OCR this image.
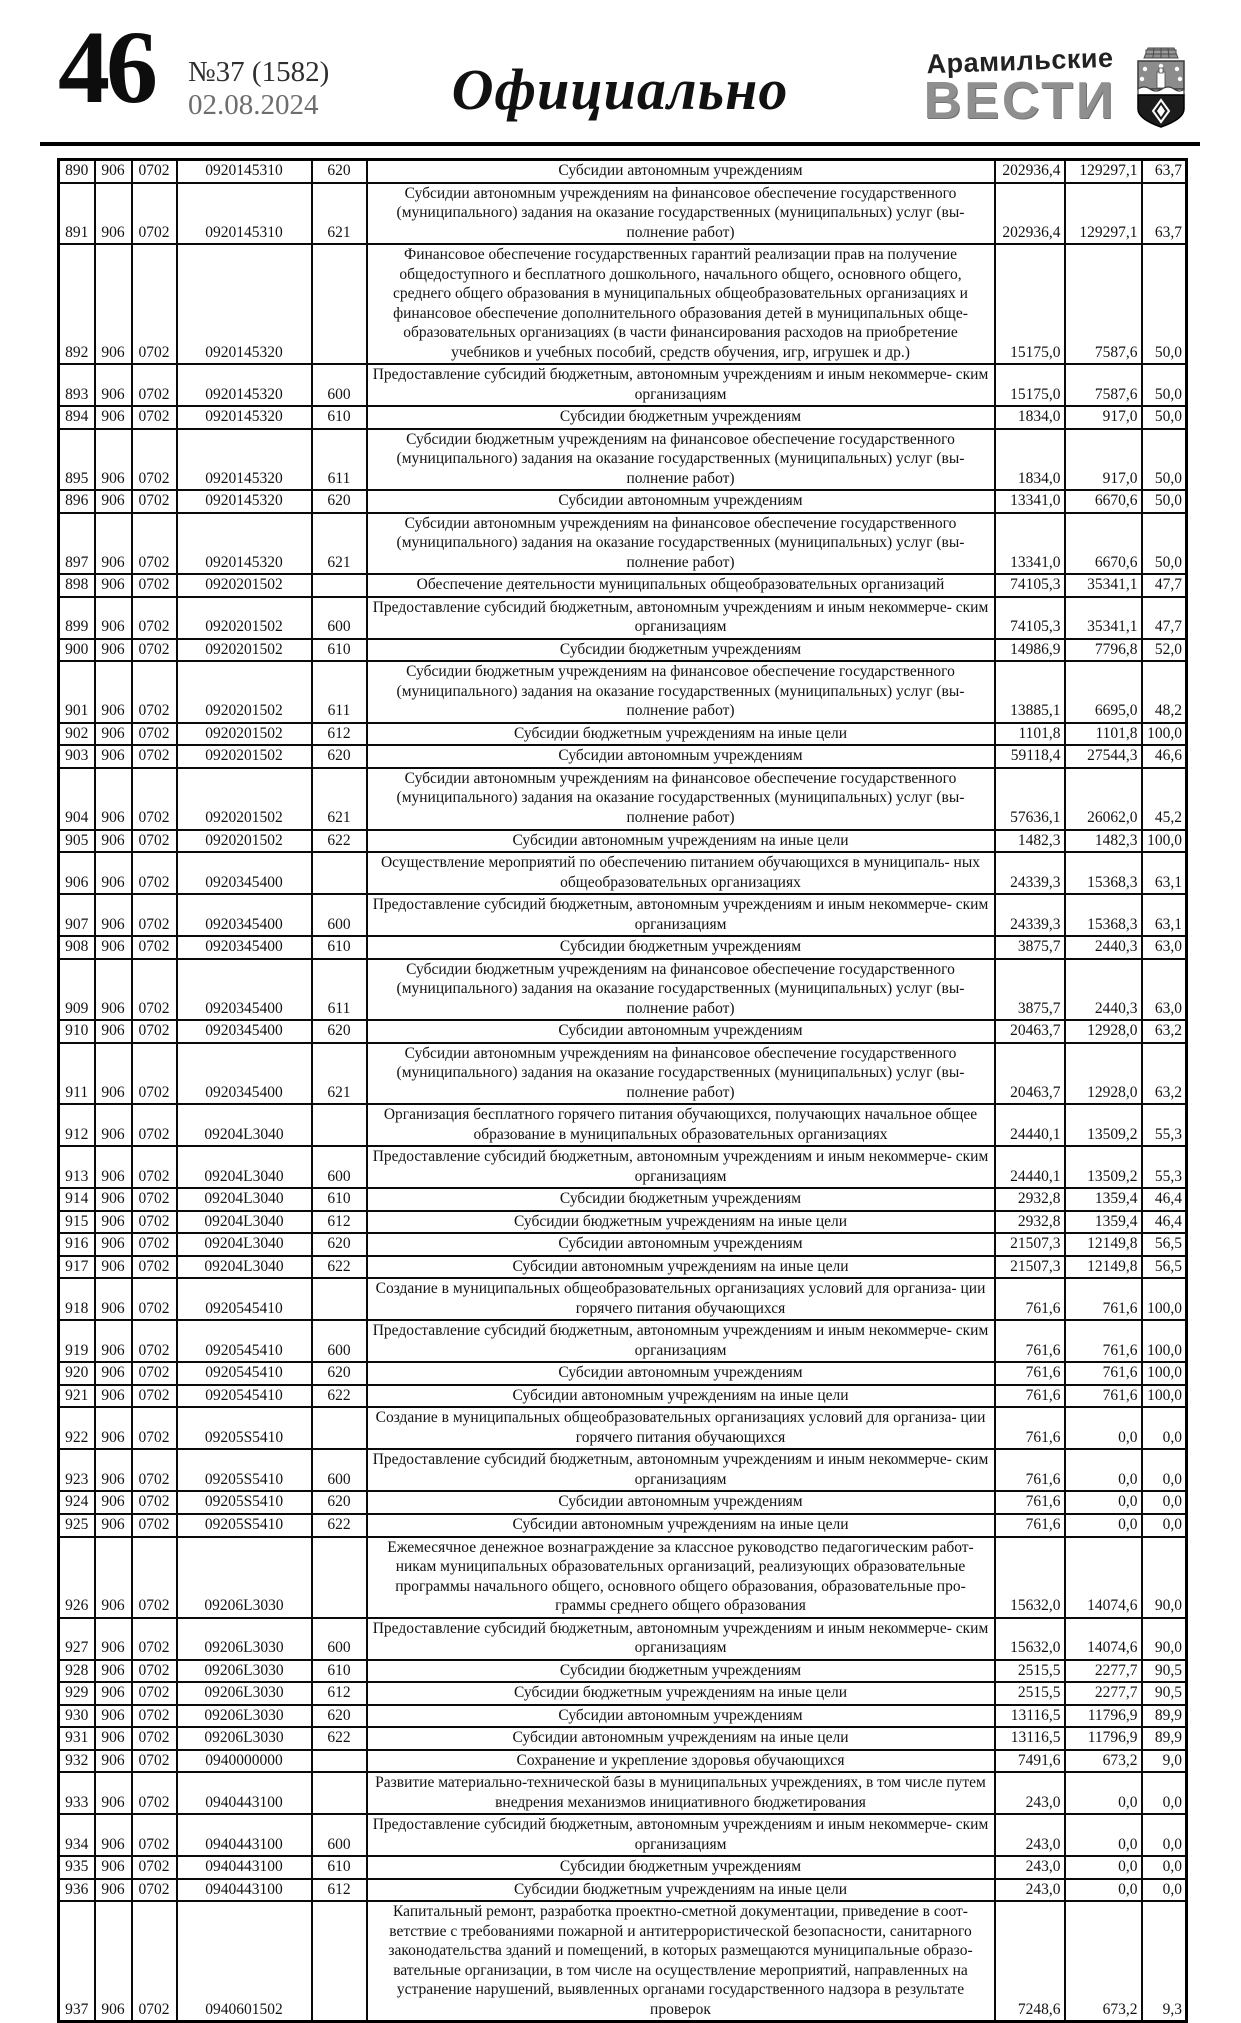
46 №37 (1582)
02.08.2024	Официально	Арамильские
ВЕСТИ
890	906	0702	0920145310	620	Субсидии автономным учреждениям	202936,4	129297,1	63,7
891	906	0702	0920145310	621	Субсидии автономным учреждениям на финансовое обеспечение государственного (муниципального) задания на оказание государственных (муниципальных) услуг (вы- полнение работ)	202936,4	129297,1	63,7
892	906	0702	0920145320		Финансовое обеспечение государственных гарантий реализации прав на получение общедоступного и бесплатного дошкольного, начального общего, основного общего, среднего общего образования в муниципальных общеобразовательных организациях и финансовое обеспечение дополнительного образования детей в муниципальных обще- образовательных организациях (в части финансирования расходов на приобретение учебников и учебных пособий, средств обучения, игр, игрушек и др.)	15175,0	7587,6	50,0
893	906	0702	0920145320	600	Предоставление субсидий бюджетным, автономным учреждениям и иным некоммерче- ским организациям	15175,0	7587,6	50,0
894	906	0702	0920145320	610	Субсидии бюджетным учреждениям	1834,0	917,0	50,0
895	906	0702	0920145320	611	Субсидии бюджетным учреждениям на финансовое обеспечение государственного (муниципального) задания на оказание государственных (муниципальных) услуг (вы- полнение работ)	1834,0	917,0	50,0
896	906	0702	0920145320	620	Субсидии автономным учреждениям	13341,0	6670,6	50,0
897	906	0702	0920145320	621	Субсидии автономным учреждениям на финансовое обеспечение государственного (муниципального) задания на оказание государственных (муниципальных) услуг (вы- полнение работ)	13341,0	6670,6	50,0
898	906	0702	0920201502		Обеспечение деятельности муниципальных общеобразовательных организаций	74105,3	35341,1	47,7
899	906	0702	0920201502	600	Предоставление субсидий бюджетным, автономным учреждениям и иным некоммерче- ским организациям	74105,3	35341,1	47,7
900	906	0702	0920201502	610	Субсидии бюджетным учреждениям	14986,9	7796,8	52,0
901	906	0702	0920201502	611	Субсидии бюджетным учреждениям на финансовое обеспечение государственного (муниципального) задания на оказание государственных (муниципальных) услуг (вы- полнение работ)	13885,1	6695,0	48,2
902	906	0702	0920201502	612	Субсидии бюджетным учреждениям на иные цели	1101,8	1101,8	100,0
903	906	0702	0920201502	620	Субсидии автономным учреждениям	59118,4	27544,3	46,6
904	906	0702	0920201502	621	Субсидии автономным учреждениям на финансовое обеспечение государственного (муниципального) задания на оказание государственных (муниципальных) услуг (вы- полнение работ)	57636,1	26062,0	45,2
905	906	0702	0920201502	622	Субсидии автономным учреждениям на иные цели	1482,3	1482,3	100,0
906	906	0702	0920345400		Осуществление мероприятий по обеспечению питанием обучающихся в муниципаль- ных общеобразовательных организациях	24339,3	15368,3	63,1
907	906	0702	0920345400	600	Предоставление субсидий бюджетным, автономным учреждениям и иным некоммерче- ским организациям	24339,3	15368,3	63,1
908	906	0702	0920345400	610	Субсидии бюджетным учреждениям	3875,7	2440,3	63,0
909	906	0702	0920345400	611	Субсидии бюджетным учреждениям на финансовое обеспечение государственного (муниципального) задания на оказание государственных (муниципальных) услуг (вы- полнение работ)	3875,7	2440,3	63,0
910	906	0702	0920345400	620	Субсидии автономным учреждениям	20463,7	12928,0	63,2
911	906	0702	0920345400	621	Субсидии автономным учреждениям на финансовое обеспечение государственного (муниципального) задания на оказание государственных (муниципальных) услуг (вы- полнение работ)	20463,7	12928,0	63,2
912	906	0702	09204L3040		Организация бесплатного горячего питания обучающихся, получающих начальное общее образование в муниципальных образовательных организациях	24440,1	13509,2	55,3
913	906	0702	09204L3040	600	Предоставление субсидий бюджетным, автономным учреждениям и иным некоммерче- ским организациям	24440,1	13509,2	55,3
914	906	0702	09204L3040	610	Субсидии бюджетным учреждениям	2932,8	1359,4	46,4
915	906	0702	09204L3040	612	Субсидии бюджетным учреждениям на иные цели	2932,8	1359,4	46,4
916	906	0702	09204L3040	620	Субсидии автономным учреждениям	21507,3	12149,8	56,5
917	906	0702	09204L3040	622	Субсидии автономным учреждениям на иные цели	21507,3	12149,8	56,5
918	906	0702	0920545410		Создание в муниципальных общеобразовательных организациях условий для организа- ции горячего питания обучающихся	761,6	761,6	100,0
919	906	0702	0920545410	600	Предоставление субсидий бюджетным, автономным учреждениям и иным некоммерче- ским организациям	761,6	761,6	100,0
920	906	0702	0920545410	620	Субсидии автономным учреждениям	761,6	761,6	100,0
921	906	0702	0920545410	622	Субсидии автономным учреждениям на иные цели	761,6	761,6	100,0
922	906	0702	09205S5410		Создание в муниципальных общеобразовательных организациях условий для организа- ции горячего питания обучающихся	761,6	0,0	0,0
923	906	0702	09205S5410	600	Предоставление субсидий бюджетным, автономным учреждениям и иным некоммерче- ским организациям	761,6	0,0	0,0
924	906	0702	09205S5410	620	Субсидии автономным учреждениям	761,6	0,0	0,0
925	906	0702	09205S5410	622	Субсидии автономным учреждениям на иные цели	761,6	0,0	0,0
926	906	0702	09206L3030		Ежемесячное денежное вознаграждение за классное руководство педагогическим работ- никам муниципальных образовательных организаций, реализующих образовательные программы начального общего, основного общего образования, образовательные про- граммы среднего общего образования	15632,0	14074,6	90,0
927	906	0702	09206L3030	600	Предоставление субсидий бюджетным, автономным учреждениям и иным некоммерче- ским организациям	15632,0	14074,6	90,0
928	906	0702	09206L3030	610	Субсидии бюджетным учреждениям	2515,5	2277,7	90,5
929	906	0702	09206L3030	612	Субсидии бюджетным учреждениям на иные цели	2515,5	2277,7	90,5
930	906	0702	09206L3030	620	Субсидии автономным учреждениям	13116,5	11796,9	89,9
931	906	0702	09206L3030	622	Субсидии автономным учреждениям на иные цели	13116,5	11796,9	89,9
932	906	0702	0940000000		Сохранение и укрепление здоровья обучающихся	7491,6	673,2	9,0
933	906	0702	0940443100		Развитие материально-технической базы в муниципальных учреждениях, в том числе путем внедрения механизмов инициативного бюджетирования	243,0	0,0	0,0
934	906	0702	0940443100	600	Предоставление субсидий бюджетным, автономным учреждениям и иным некоммерче- ским организациям	243,0	0,0	0,0
935	906	0702	0940443100	610	Субсидии бюджетным учреждениям	243,0	0,0	0,0
936	906	0702	0940443100	612	Субсидии бюджетным учреждениям на иные цели	243,0	0,0	0,0
937	906	0702	0940601502		Капитальный ремонт, разработка проектно-сметной документации, приведение в соот- ветствие с требованиями пожарной и антитеррористической безопасности, санитарного законодательства зданий и помещений, в которых размещаются муниципальные образо- вательные организации, в том числе на осуществление мероприятий, направленных на устранение нарушений, выявленных органами государственного надзора в результате проверок	7248,6	673,2	9,3
